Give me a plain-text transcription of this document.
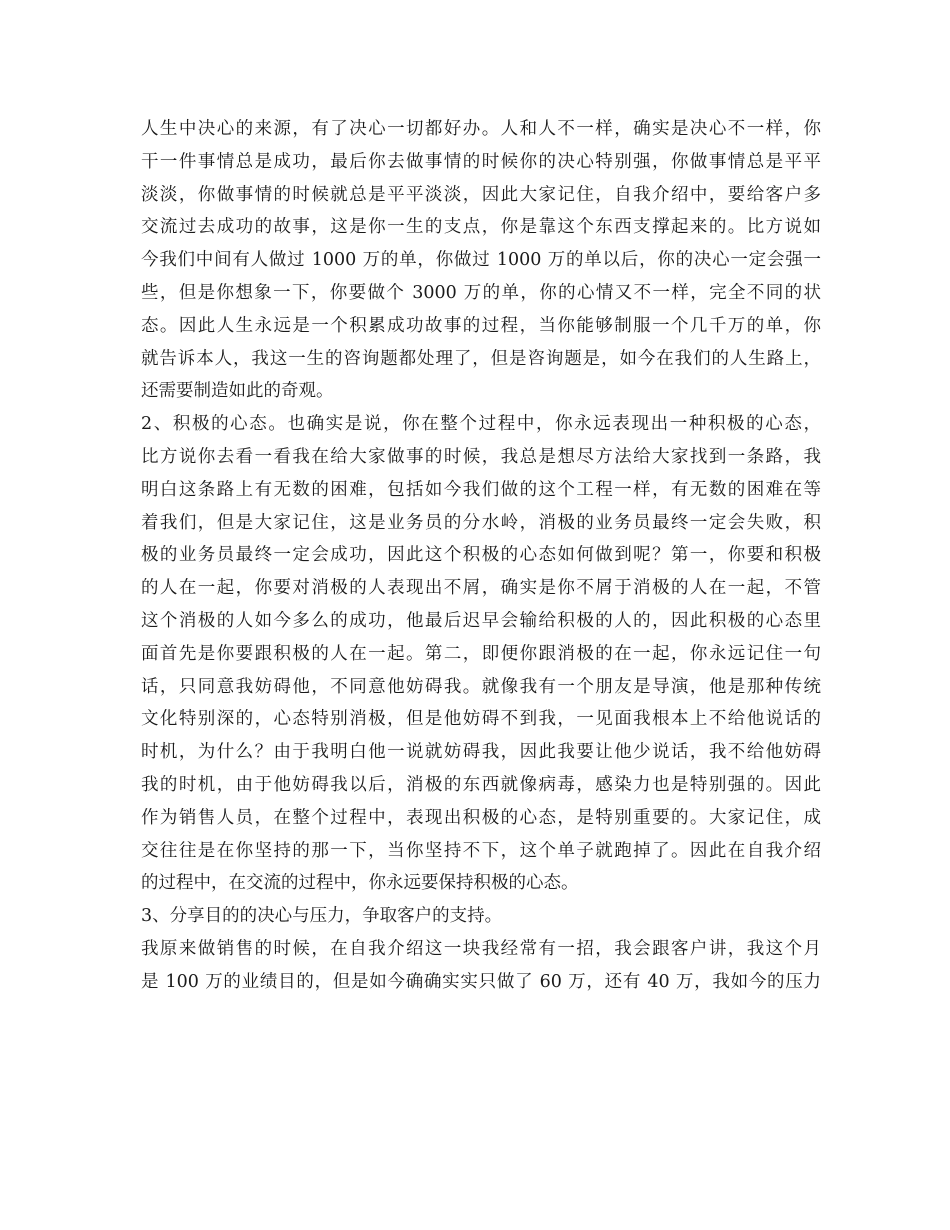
人生中决心的来源，有了决心一切都好办。人和人不一样，确实是决心不一样，你
干一件事情总是成功，最后你去做事情的时候你的决心特别强，你做事情总是平平
淡淡，你做事情的时候就总是平平淡淡，因此大家记住，自我介绍中，要给客户多
交流过去成功的故事，这是你一生的支点，你是靠这个东西支撑起来的。比方说如
今我们中间有人做过 1000 万的单，你做过 1000 万的单以后，你的决心一定会强一
些，但是你想象一下，你要做个 3000 万的单，你的心情又不一样，完全不同的状
态。因此人生永远是一个积累成功故事的过程，当你能够制服一个几千万的单，你
就告诉本人，我这一生的咨询题都处理了，但是咨询题是，如今在我们的人生路上，
还需要制造如此的奇观。
2、积极的心态。也确实是说，你在整个过程中，你永远表现出一种积极的心态，
比方说你去看一看我在给大家做事的时候，我总是想尽方法给大家找到一条路，我
明白这条路上有无数的困难，包括如今我们做的这个工程一样，有无数的困难在等
着我们，但是大家记住，这是业务员的分水岭，消极的业务员最终一定会失败，积
极的业务员最终一定会成功，因此这个积极的心态如何做到呢？第一，你要和积极
的人在一起，你要对消极的人表现出不屑，确实是你不屑于消极的人在一起，不管
这个消极的人如今多么的成功，他最后迟早会输给积极的人的，因此积极的心态里
面首先是你要跟积极的人在一起。第二，即便你跟消极的在一起，你永远记住一句
话，只同意我妨碍他，不同意他妨碍我。就像我有一个朋友是导演，他是那种传统
文化特别深的，心态特别消极，但是他妨碍不到我，一见面我根本上不给他说话的
时机，为什么？由于我明白他一说就妨碍我，因此我要让他少说话，我不给他妨碍
我的时机，由于他妨碍我以后，消极的东西就像病毒，感染力也是特别强的。因此
作为销售人员，在整个过程中，表现出积极的心态，是特别重要的。大家记住，成
交往往是在你坚持的那一下，当你坚持不下，这个单子就跑掉了。因此在自我介绍
的过程中，在交流的过程中，你永远要保持积极的心态。
3、分享目的的决心与压力，争取客户的支持。
我原来做销售的时候，在自我介绍这一块我经常有一招，我会跟客户讲，我这个月
是 100 万的业绩目的，但是如今确确实实只做了 60 万，还有 40 万，我如今的压力
